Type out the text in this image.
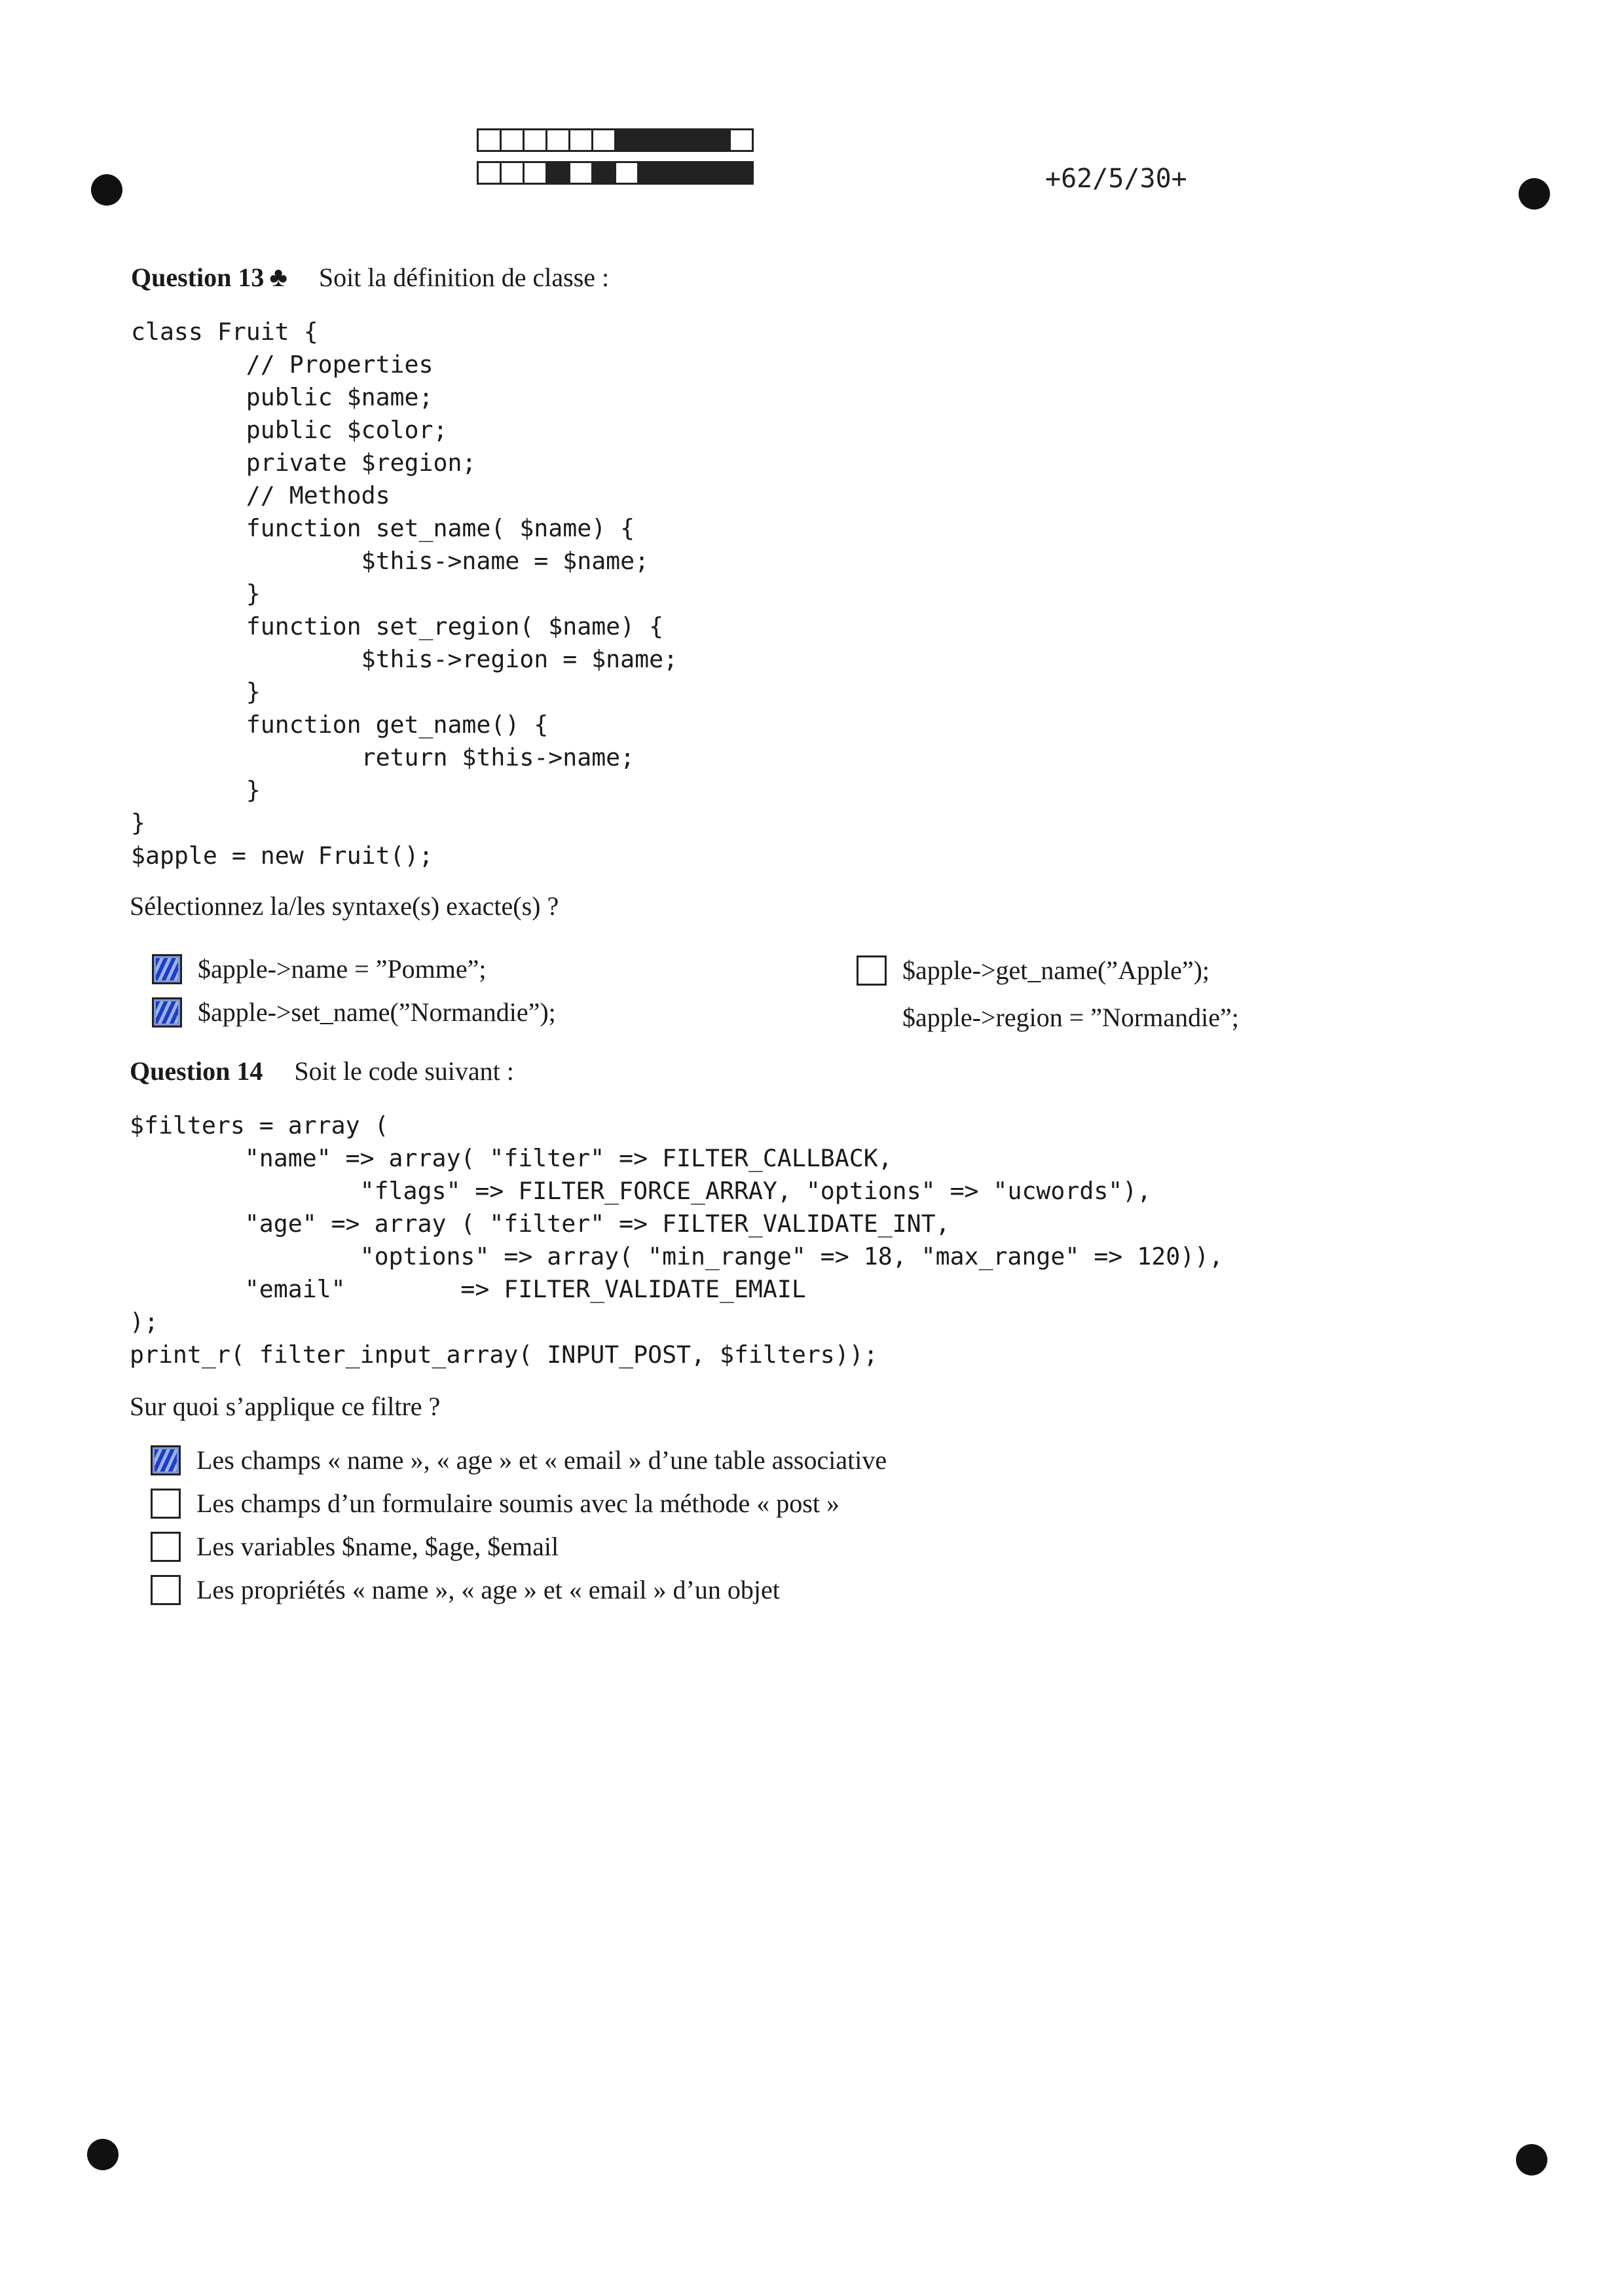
+62/5/30+
Question 13 ♣ Soit la définition de classe :
class Fruit {
// Properties
public $name;
public $color;
private $region;
// Methods
function set_name( $name) {
$this->name = $name;
}
function set_region( $name) {
$this->region = $name;
}
function get_name() {
return $this->name;
}
}
$apple = new Fruit();
Sélectionnez la/les syntaxe(s) exacte(s) ?
$apple->name = ”Pomme”;
$apple->set_name(”Normandie”);
$apple->get_name(”Apple”);
$apple->region = ”Normandie”;
Question 14 Soit le code suivant :
$filters = array (
"name" => array( "filter" => FILTER_CALLBACK,
"flags" => FILTER_FORCE_ARRAY, "options" => "ucwords"),
"age" => array ( "filter" => FILTER_VALIDATE_INT,
"options" => array( "min_range" => 18, "max_range" => 120)),
"email"        => FILTER_VALIDATE_EMAIL
);
print_r( filter_input_array( INPUT_POST, $filters));
Sur quoi s’applique ce filtre ?
Les champs « name », « age » et « email » d’une table associative
Les champs d’un formulaire soumis avec la méthode « post »
Les variables $name, $age, $email
Les propriétés « name », « age » et « email » d’un objet
